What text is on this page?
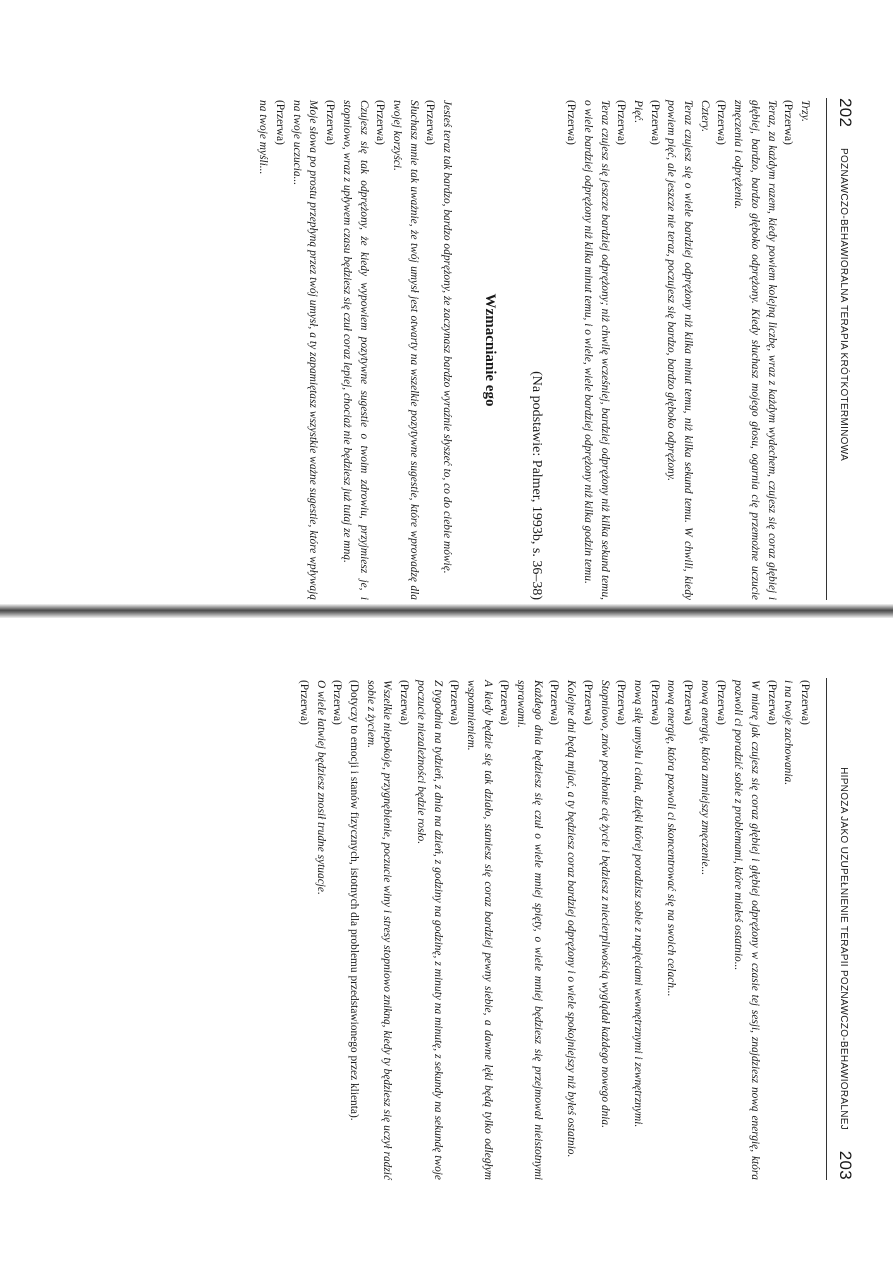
202
POZNAWCZO-BEHAWIORALNA TERAPIA KRÓTKOTERMINOWA

Trzy.

(Przerwa)

Teraz, za każdym razem, kiedy powiem kolejną liczbę, wraz z każdym wydechem, czujesz się coraz głębiej i głębiej, bardzo, bardzo głęboko odprężony. Kiedy słuchasz mojego głosu, ogarnia cię przemożne uczucie zmęczenia i odprężenia.

(Przerwa)

Cztery.

Teraz czujesz się o wiele bardziej odprężony niż kilka minut temu, niż kilka sekund temu. W chwili, kiedy powiem pięć, ale jeszcze nie teraz, poczujesz się bardzo, bardzo głęboko odprężony.

(Przerwa)

Pięć.

(Przerwa)

Teraz czujesz się jeszcze bardziej odprężony; niż chwilę wcześniej, bardziej odprężony niż kilka sekund temu, o wiele bardziej odprężony niż kilka minut temu, i o wiele, wiele bardziej odprężony niż kilka godzin temu.

(Przerwa)

(Na podstawie: Palmer, 1993b, s. 36–38)
Wzmacnianie ego

Jesteś teraz tak bardzo, bardzo odprężony, że zaczynasz bardzo wyraźnie słyszeć to, co do ciebie mówię.

(Przerwa)

Słuchasz mnie tak uważnie, że twój umysł jest otwarty na wszelkie pozytywne sugestie, które wprowadzę dla twojej korzyści.

(Przerwa)

Czujesz się tak odprężony, że kiedy wypowiem pozytywne sugestie o twoim zdrowiu, przyjmiesz je, i stopniowo, wraz z upływem czasu będziesz się czuł coraz lepiej, chociaż nie będziesz już tutaj ze mną.

(Przerwa)

Moje słowa po prostu przepłyną przez twój umysł, a ty zapamiętasz wszystkie ważne sugestie, które wpływają na twoje uczucia...

(Przerwa)

na twoje myśli...

HIPNOZA JAKO UZUPEŁNIENIE TERAPII POZNAWCZO-BEHAWIORALNEJ
203

(Przerwa)

i na twoje zachowania.

(Przerwa)

W miarę jak czujesz się coraz głębiej i głębiej odprężony w czasie tej sesji, znajdziesz nową energię, która pozwoli ci poradzić sobie z problemami, które miałeś ostatnio...

(Przerwa)

nową energię, która zmniejszy zmęczenie...

(Przerwa)

nową energię, która pozwoli ci skoncentrować się na swoich celach...

(Przerwa)

nową siłę umysłu i ciała, dzięki której poradzisz sobie z napięciami wewnętrznymi i zewnętrznymi.

(Przerwa)

Stopniowo, znów pochłonie cię życie i będziesz z niecierpliwością wyglądał każdego nowego dnia.

(Przerwa)

Kolejne dni będą mijać, a ty będziesz coraz bardziej odprężony i o wiele spokojniejszy niż byłeś ostatnio.

(Przerwa)

Każdego dnia będziesz się czuł o wiele mniej spięty, o wiele mniej będziesz się przejmował nieistotnymi sprawami.

(Przerwa)

A kiedy będzie się tak działo, staniesz się coraz bardziej pewny siebie, a dawne lęki będą tylko odległym wspomnieniem.

(Przerwa)

Z tygodnia na tydzień, z dnia na dzień, z godziny na godzinę, z minuty na minutę, z sekundy na sekundę twoje poczucie niezależności będzie rosło.

(Przerwa)

Wszelkie niepokoje, przygnębienie, poczucie winy i stresy stopniowo znikną, kiedy ty będziesz się uczył radzić sobie z życiem.

(Dotyczy to emocji i stanów fizycznych, istotnych dla problemu przedstawionego przez klienta).

(Przerwa)

O wiele łatwiej będziesz znosił trudne sytuacje.

(Przerwa)
